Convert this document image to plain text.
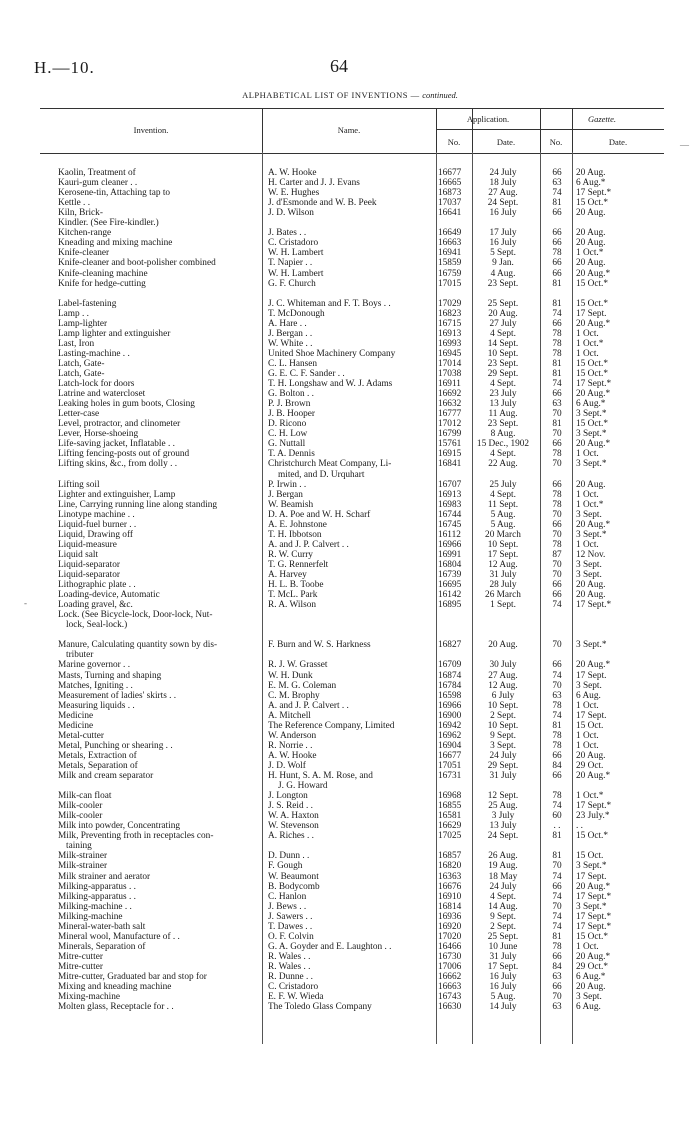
H.—10.	64
ALPHABETICAL LIST OF INVENTIONS — continued.
Invention.	Name.
Application.	Gazette.
No.	Date.	No.	Date.
Kaolin, Treatment of	A. W. Hooke	16677	24 July	66	20 Aug.
Kauri-gum cleaner . .	H. Carter and J. J. Evans	16665	18 July	63	6 Aug.*
Kerosene-tin, Attaching tap to	W. E. Hughes	16873	27 Aug.	74	17 Sept.*
Kettle . .	J. d'Esmonde and W. B. Peek	17037	24 Sept.	81	15 Oct.*
Kiln, Brick-	J. D. Wilson	16641	16 July	66	20 Aug.
Kindler. (See Fire-kindler.)
Kitchen-range	J. Bates . .	16649	17 July	66	20 Aug.
Kneading and mixing machine	C. Cristadoro	16663	16 July	66	20 Aug.
Knife-cleaner	W. H. Lambert	16941	5 Sept.	78	1 Oct.*
Knife-cleaner and boot-polisher combined	T. Napier . .	15859	9 Jan.	66	20 Aug.
Knife-cleaning machine	W. H. Lambert	16759	4 Aug.	66	20 Aug.*
Knife for hedge-cutting	G. F. Church	17015	23 Sept.	81	15 Oct.*
Label-fastening	J. C. Whiteman and F. T. Boys . .	17029	25 Sept.	81	15 Oct.*
Lamp . .	T. McDonough	16823	20 Aug.	74	17 Sept.
Lamp-lighter	A. Hare . .	16715	27 July	66	20 Aug.*
Lamp lighter and extinguisher	J. Bergan . .	16913	4 Sept.	78	1 Oct.
Last, Iron	W. White . .	16993	14 Sept.	78	1 Oct.*
Lasting-machine . .	United Shoe Machinery Company	16945	10 Sept.	78	1 Oct.
Latch, Gate-	C. L. Hansen	17014	23 Sept.	81	15 Oct.*
Latch, Gate-	G. E. C. F. Sander . .	17038	29 Sept.	81	15 Oct.*
Latch-lock for doors	T. H. Longshaw and W. J. Adams	16911	4 Sept.	74	17 Sept.*
Latrine and watercloset	G. Bolton . .	16692	23 July	66	20 Aug.*
Leaking holes in gum boots, Closing	P. J. Brown	16632	13 July	63	6 Aug.*
Letter-case	J. B. Hooper	16777	11 Aug.	70	3 Sept.*
Level, protractor, and clinometer	D. Ricono	17012	23 Sept.	81	15 Oct.*
Lever, Horse-shoeing	C. H. Low	16799	8 Aug.	70	3 Sept.*
Life-saving jacket, Inflatable . .	G. Nuttall	15761	15 Dec., 1902	66	20 Aug.*
Lifting fencing-posts out of ground	T. A. Dennis	16915	4 Sept.	78	1 Oct.
Lifting skins, &c., from dolly . .	Christchurch Meat Company, Li-	16841	22 Aug.	70	3 Sept.*
mited, and D. Urquhart
Lifting soil	P. Irwin . .	16707	25 July	66	20 Aug.
Lighter and extinguisher, Lamp	J. Bergan	16913	4 Sept.	78	1 Oct.
Line, Carrying running line along standing	W. Beamish	16983	11 Sept.	78	1 Oct.*
Linotype machine . .	D. A. Poe and W. H. Scharf	16744	5 Aug.	70	3 Sept.
Liquid-fuel burner . .	A. E. Johnstone	16745	5 Aug.	66	20 Aug.*
Liquid, Drawing off	T. H. Ibbotson	16112	20 March	70	3 Sept.*
Liquid-measure	A. and J. P. Calvert . .	16966	10 Sept.	78	1 Oct.
Liquid salt	R. W. Curry	16991	17 Sept.	87	12 Nov.
Liquid-separator	T. G. Rennerfelt	16804	12 Aug.	70	3 Sept.
Liquid-separator	A. Harvey	16739	31 July	70	3 Sept.
Lithographic plate . .	H. L. B. Toobe	16695	28 July	66	20 Aug.
Loading-device, Automatic	T. McL. Park	16142	26 March	66	20 Aug.
Loading gravel, &c.	R. A. Wilson	16895	1 Sept.	74	17 Sept.*
Lock. (See Bicycle-lock, Door-lock, Nut-
lock, Seal-lock.)
Manure, Calculating quantity sown by dis-	F. Burn and W. S. Harkness	16827	20 Aug.	70	3 Sept.*
tributer
Marine governor . .	R. J. W. Grasset	16709	30 July	66	20 Aug.*
Masts, Turning and shaping	W. H. Dunk	16874	27 Aug.	74	17 Sept.
Matches, Igniting . .	E. M. G. Coleman	16784	12 Aug.	70	3 Sept.
Measurement of ladies' skirts . .	C. M. Brophy	16598	6 July	63	6 Aug.
Measuring liquids . .	A. and J. P. Calvert . .	16966	10 Sept.	78	1 Oct.
Medicine	A. Mitchell	16900	2 Sept.	74	17 Sept.
Medicine	The Reference Company, Limited	16942	10 Sept.	81	15 Oct.
Metal-cutter	W. Anderson	16962	9 Sept.	78	1 Oct.
Metal, Punching or shearing . .	R. Norrie . .	16904	3 Sept.	78	1 Oct.
Metals, Extraction of	A. W. Hooke	16677	24 July	66	20 Aug.
Metals, Separation of	J. D. Wolf	17051	29 Sept.	84	29 Oct.
Milk and cream separator	H. Hunt, S. A. M. Rose, and	16731	31 July	66	20 Aug.*
J. G. Howard
Milk-can float	J. Longton	16968	12 Sept.	78	1 Oct.*
Milk-cooler	J. S. Reid . .	16855	25 Aug.	74	17 Sept.*
Milk-cooler	W. A. Haxton	16581	3 July	60	23 July.*
Milk into powder, Concentrating	W. Stevenson	16629	13 July	. .	. .
Milk, Preventing froth in receptacles con-	A. Riches . .	17025	24 Sept.	81	15 Oct.*
taining
Milk-strainer	D. Dunn . .	16857	26 Aug.	81	15 Oct.
Milk-strainer	F. Gough	16820	19 Aug.	70	3 Sept.*
Milk strainer and aerator	W. Beaumont	16363	18 May	74	17 Sept.
Milking-apparatus . .	B. Bodycomb	16676	24 July	66	20 Aug.*
Milking-apparatus . .	C. Hanlon	16910	4 Sept.	74	17 Sept.*
Milking-machine . .	J. Bews . .	16814	14 Aug.	70	3 Sept.*
Milking-machine	J. Sawers . .	16936	9 Sept.	74	17 Sept.*
Mineral-water-bath salt	T. Dawes . .	16920	2 Sept.	74	17 Sept.*
Mineral wool, Manufacture of . .	O. F. Colvin	17020	25 Sept.	81	15 Oct.*
Minerals, Separation of	G. A. Goyder and E. Laughton . .	16466	10 June	78	1 Oct.
Mitre-cutter	R. Wales . .	16730	31 July	66	20 Aug.*
Mitre-cutter	R. Wales . .	17006	17 Sept.	84	29 Oct.*
Mitre-cutter, Graduated bar and stop for	R. Dunne . .	16662	16 July	63	6 Aug.*
Mixing and kneading machine	C. Cristadoro	16663	16 July	66	20 Aug.
Mixing-machine	E. F. W. Wieda	16743	5 Aug.	70	3 Sept.
Molten glass, Receptacle for . .	The Toledo Glass Company	16630	14 July	63	6 Aug.
—
-
